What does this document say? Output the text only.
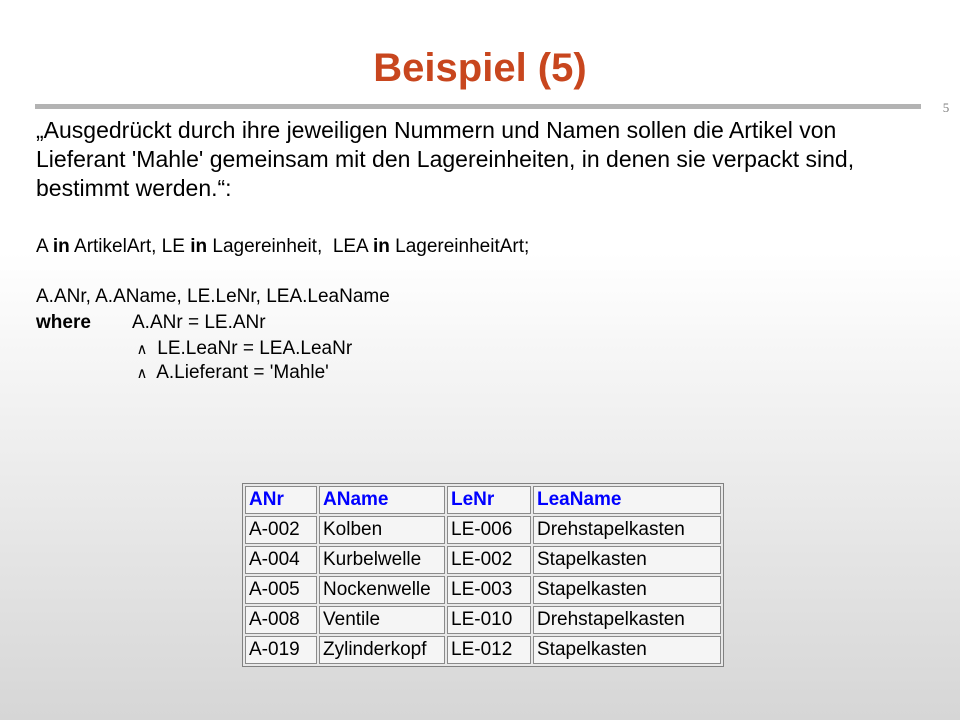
Beispiel (5)
5
„Ausgedrückt durch ihre jeweiligen Nummern und Namen sollen die Artikel von Lieferant 'Mahle' gemeinsam mit den Lagereinheiten, in denen sie verpackt sind, bestimmt werden.“:
A in ArtikelArt, LE in Lagereinheit, LEA in LagereinheitArt;
A.ANr, A.AName, LE.LeNr, LEA.LeaName
where A.ANr = LE.ANr
∧ LE.LeaNr = LEA.LeaNr
∧ A.Lieferant = 'Mahle'
ANr	AName	LeNr	LeaName
A-002	Kolben	LE-006	Drehstapelkasten
A-004	Kurbelwelle	LE-002	Stapelkasten
A-005	Nockenwelle	LE-003	Stapelkasten
A-008	Ventile	LE-010	Drehstapelkasten
A-019	Zylinderkopf	LE-012	Stapelkasten
